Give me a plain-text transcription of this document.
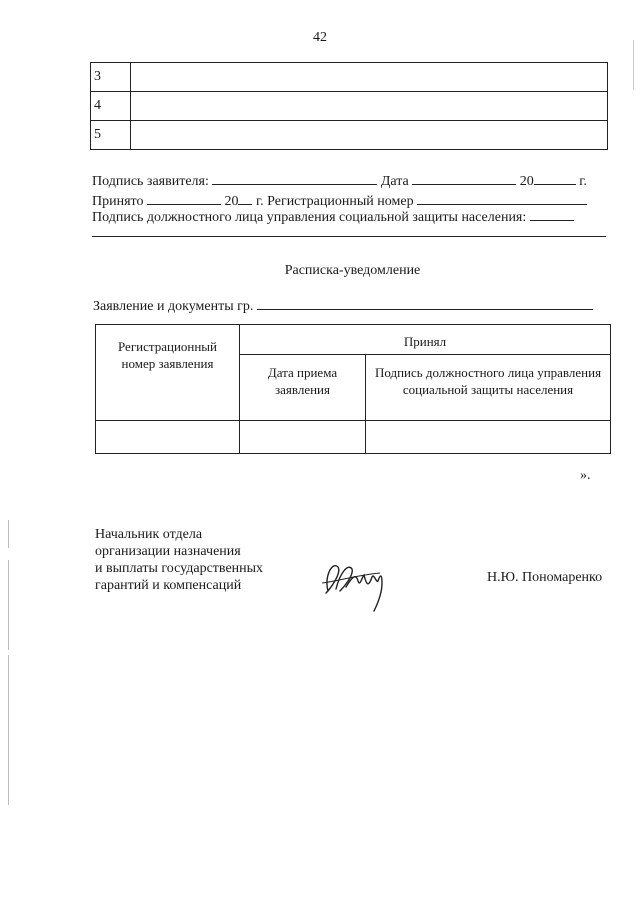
42
3	
4	
5	
Подпись заявителя:	Дата	20	г.
Принято	20 г. Регистрационный номер
Подпись должностного лица управления социальной защиты населения:
Расписка-уведомление
Заявление и документы гр.
Регистрационный номер заявления	Принял	
	Дата приема заявления	Подпись должностного лица управления социальной защиты населения

».
Начальник отдела
организации назначения
и выплаты государственных
гарантий и компенсаций
Н.Ю. Пономаренко
